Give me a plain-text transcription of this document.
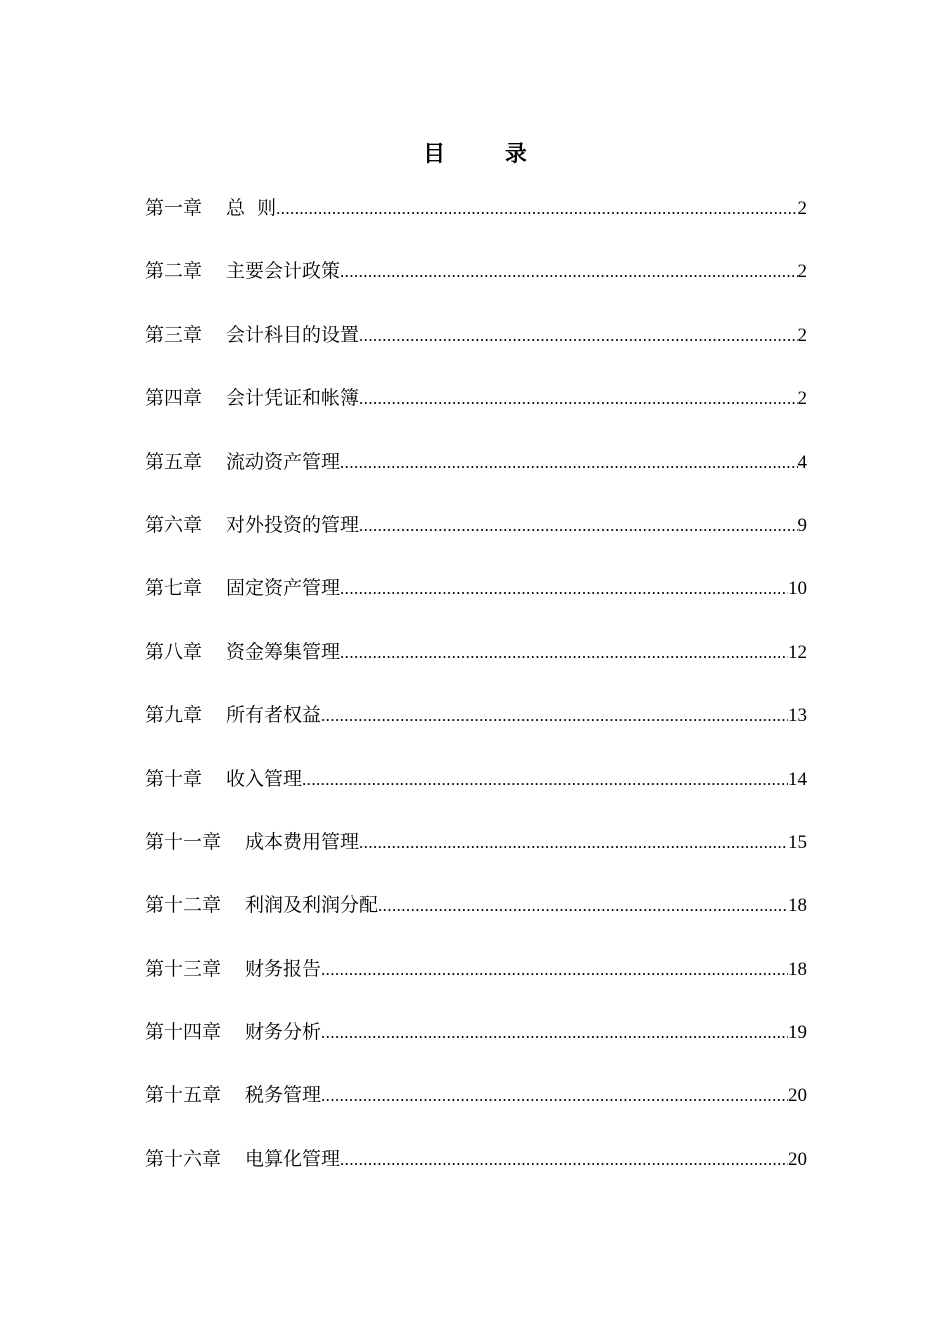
目 录
第一章 总  则 .....	2
第二章 主要会计政策 .....	2
第三章 会计科目的设置 .....	2
第四章 会计凭证和帐簿 .....	2
第五章 流动资产管理 .....	4
第六章 对外投资的管理 .....	9
第七章 固定资产管理 .....	10
第八章 资金筹集管理 .....	12
第九章 所有者权益 .....	13
第十章 收入管理 .....	14
第十一章 成本费用管理 .....	15
第十二章 利润及利润分配 .....	18
第十三章 财务报告 .....	18
第十四章 财务分析 .....	19
第十五章 税务管理 .....	20
第十六章 电算化管理 .....	20
